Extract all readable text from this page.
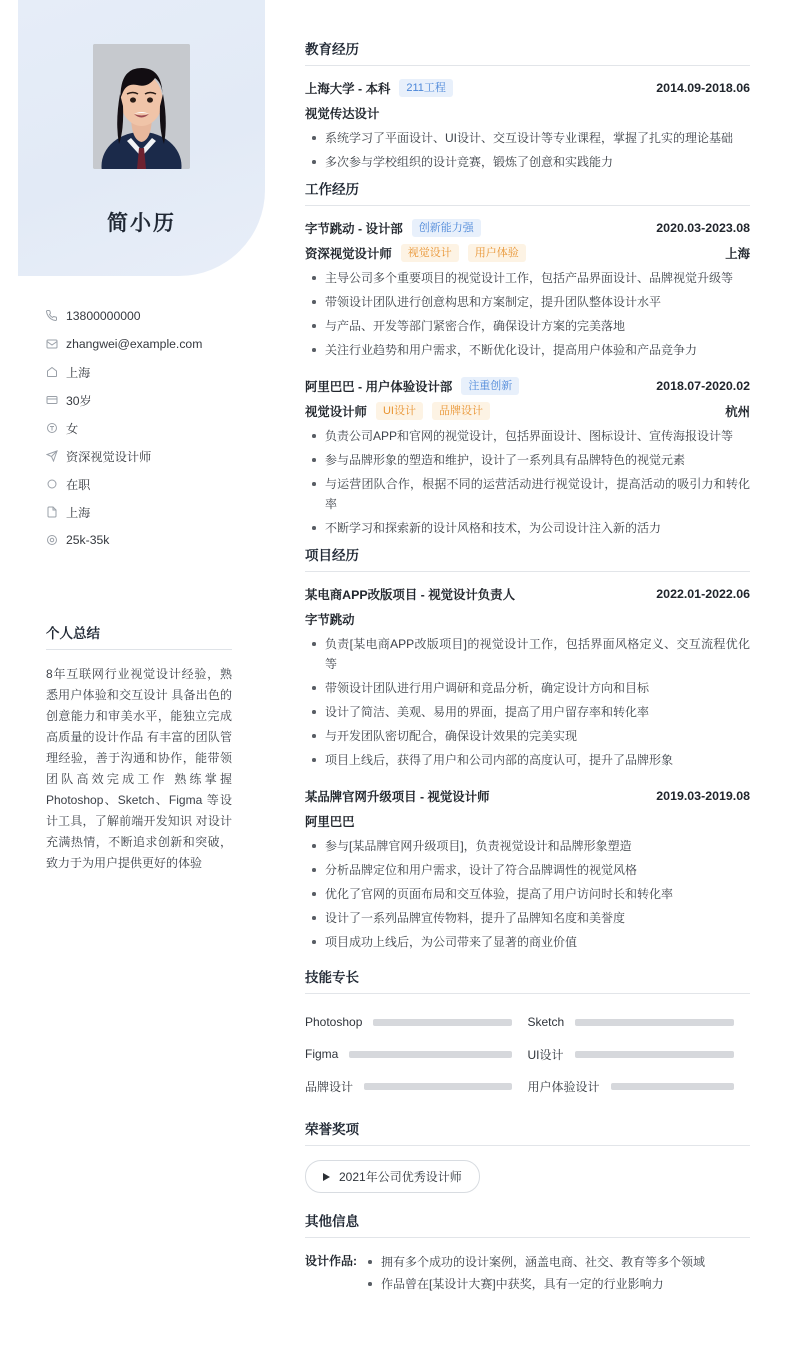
简小历
13800000000
zhangwei@example.com
上海
30岁
女
资深视觉设计师
在职
上海
25k-35k
个人总结
8年互联网行业视觉设计经验，熟悉用户体验和交互设计 具备出色的创意能力和审美水平，能独立完成高质量的设计作品 有丰富的团队管理经验，善于沟通和协作，能带领团队高效完成工作 熟练掌握 Photoshop、Sketch、Figma 等设计工具，了解前端开发知识 对设计充满热情，不断追求创新和突破，致力于为用户提供更好的体验
教育经历
上海大学 - 本科	211工程	2014.09-2018.06
视觉传达设计
系统学习了平面设计、UI设计、交互设计等专业课程，掌握了扎实的理论基础
多次参与学校组织的设计竞赛，锻炼了创意和实践能力
工作经历
字节跳动 - 设计部	创新能力强	2020.03-2023.08
资深视觉设计师	视觉设计	用户体验	上海
主导公司多个重要项目的视觉设计工作，包括产品界面设计、品牌视觉升级等
带领设计团队进行创意构思和方案制定，提升团队整体设计水平
与产品、开发等部门紧密合作，确保设计方案的完美落地
关注行业趋势和用户需求，不断优化设计，提高用户体验和产品竞争力
阿里巴巴 - 用户体验设计部	注重创新	2018.07-2020.02
视觉设计师	UI设计	品牌设计	杭州
负责公司APP和官网的视觉设计，包括界面设计、图标设计、宣传海报设计等
参与品牌形象的塑造和维护，设计了一系列具有品牌特色的视觉元素
与运营团队合作，根据不同的运营活动进行视觉设计，提高活动的吸引力和转化率
不断学习和探索新的设计风格和技术，为公司设计注入新的活力
项目经历
某电商APP改版项目 - 视觉设计负责人	2022.01-2022.06
字节跳动
负责[某电商APP改版项目]的视觉设计工作，包括界面风格定义、交互流程优化等
带领设计团队进行用户调研和竞品分析，确定设计方向和目标
设计了简洁、美观、易用的界面，提高了用户留存率和转化率
与开发团队密切配合，确保设计效果的完美实现
项目上线后，获得了用户和公司内部的高度认可，提升了品牌形象
某品牌官网升级项目 - 视觉设计师	2019.03-2019.08
阿里巴巴
参与[某品牌官网升级项目]，负责视觉设计和品牌形象塑造
分析品牌定位和用户需求，设计了符合品牌调性的视觉风格
优化了官网的页面布局和交互体验，提高了用户访问时长和转化率
设计了一系列品牌宣传物料，提升了品牌知名度和美誉度
项目成功上线后，为公司带来了显著的商业价值
技能专长
Photoshop	Sketch
Figma	UI设计
品牌设计	用户体验设计
荣誉奖项
2021年公司优秀设计师
其他信息
设计作品:	拥有多个成功的设计案例，涵盖电商、社交、教育等多个领域
作品曾在[某设计大赛]中获奖，具有一定的行业影响力
